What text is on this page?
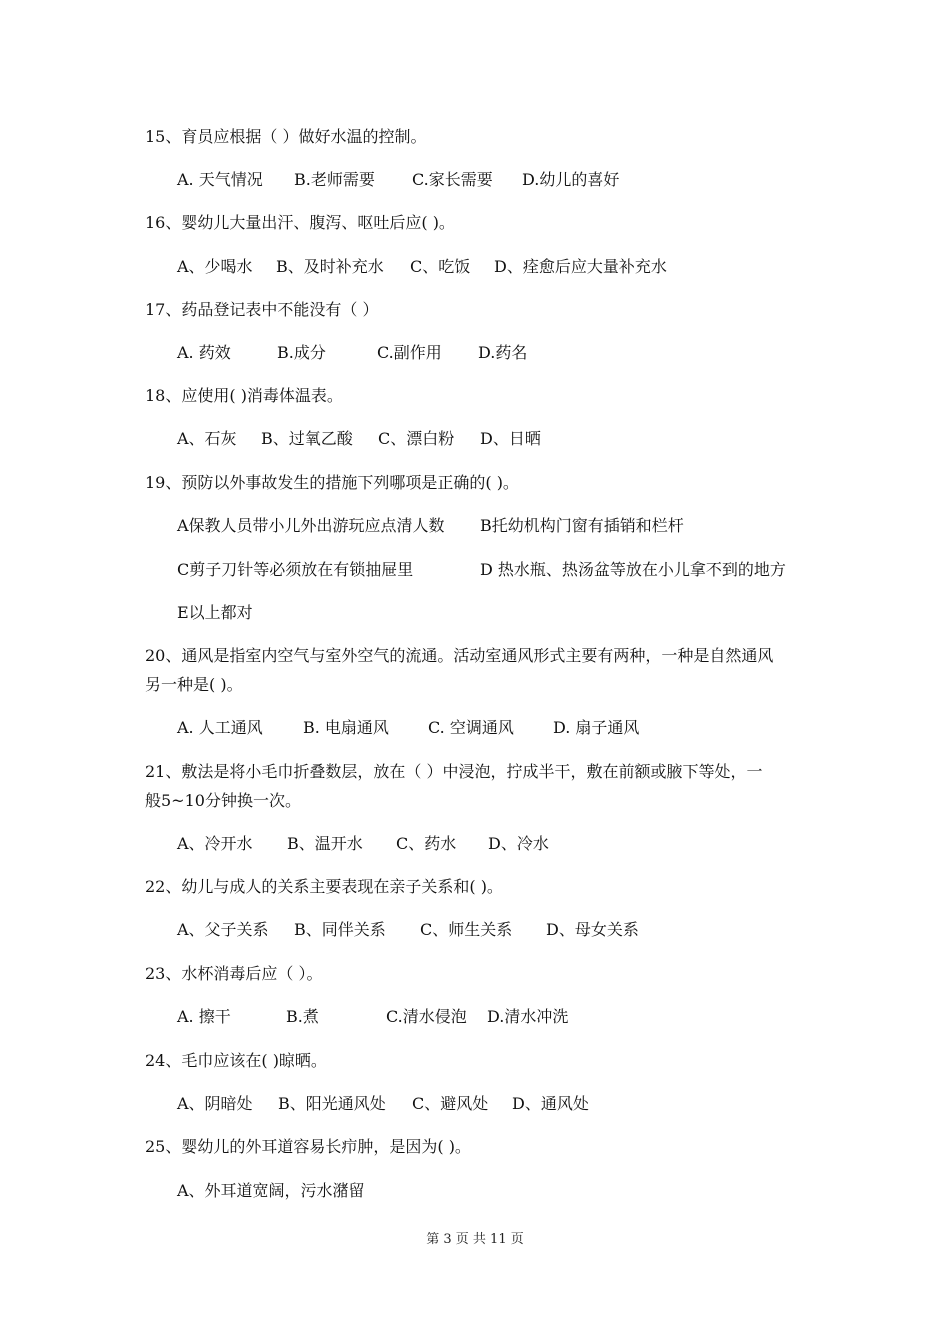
15、育员应根据（ ）做好水温的控制。
A. 天气情况 B.老师需要 C.家长需要 D.幼儿的喜好
16、婴幼儿大量出汗、腹泻、呕吐后应( )。
A、少喝水 B、及时补充水 C、吃饭 D、痊愈后应大量补充水
17、药品登记表中不能没有（ ）
A. 药效	B.成分	C.副作用 D.药名
18、应使用( )消毒体温表。
A、石灰 B、过氧乙酸 C、漂白粉 D、日晒
19、预防以外事故发生的措施下列哪项是正确的( )。
A保教人员带小儿外出游玩应点清人数 B托幼机构门窗有插销和栏杆
C剪子刀针等必须放在有锁抽屉里	D 热水瓶、热汤盆等放在小儿拿不到的地方
E以上都对
20、通风是指室内空气与室外空气的流通。活动室通风形式主要有两种，一种是自然通风
另一种是( )。
A. 人工通风	B. 电扇通风 C. 空调通风 D. 扇子通风
21、敷法是将小毛巾折叠数层，放在（ ）中浸泡，拧成半干，敷在前额或腋下等处，一
般5~10分钟换一次。
A、冷开水 B、温开水 C、药水 D、冷水
22、幼儿与成人的关系主要表现在亲子关系和( )。
A、父子关系 B、同伴关系 C、师生关系 D、母女关系
23、水杯消毒后应（ ）。
A. 擦干	B.煮	C.清水侵泡 D.清水冲洗
24、毛巾应该在( )晾晒。
A、阴暗处 B、阳光通风处 C、避风处 D、通风处
25、婴幼儿的外耳道容易长疖肿，是因为( )。
A、外耳道宽阔，污水潴留
第 3 页 共 11 页
